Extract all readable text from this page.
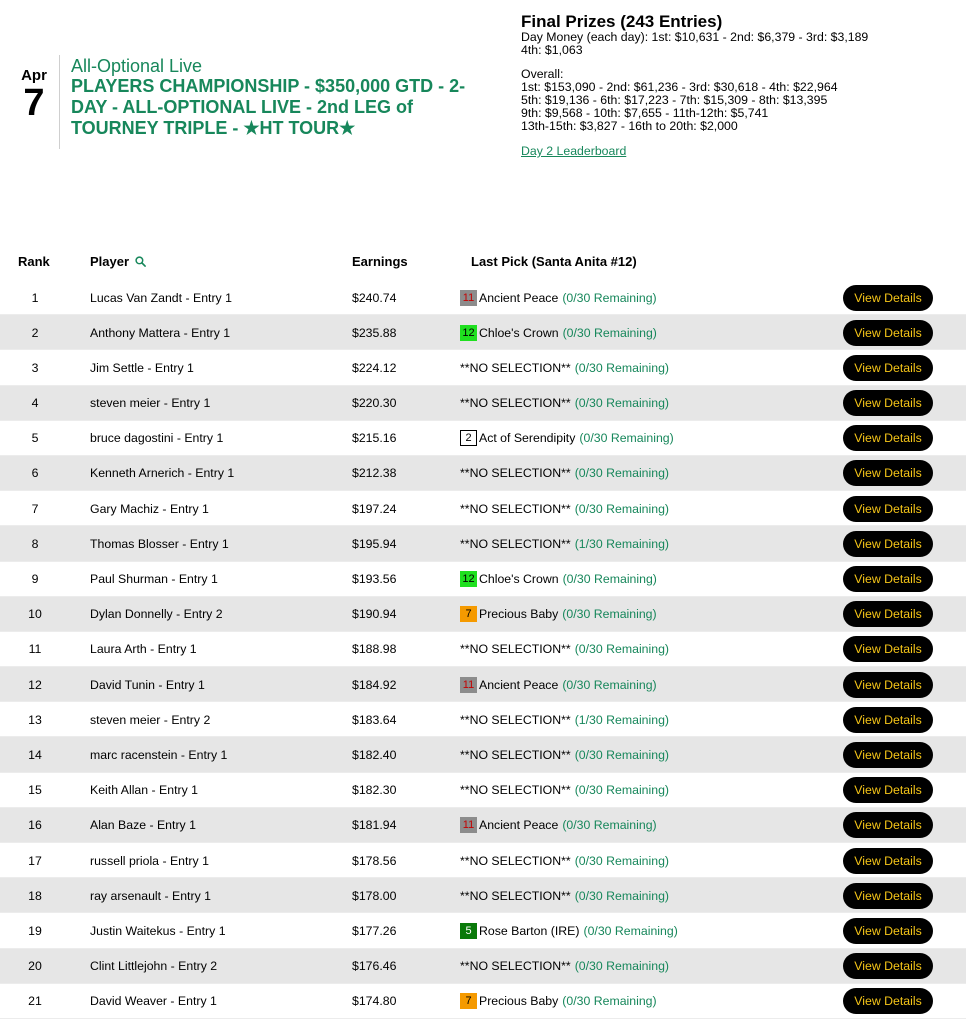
Apr
7
All-Optional Live
PLAYERS CHAMPIONSHIP - $350,000 GTD - 2-DAY - ALL-OPTIONAL LIVE - 2nd LEG of TOURNEY TRIPLE - ★HT TOUR★
Final Prizes (243 Entries)
Day Money (each day): 1st: $10,631 - 2nd: $6,379 - 3rd: $3,189
4th: $1,063
Overall:
1st: $153,090 - 2nd: $61,236 - 3rd: $30,618 - 4th: $22,964
5th: $19,136 - 6th: $17,223 - 7th: $15,309 - 8th: $13,395
9th: $9,568 - 10th: $7,655 - 11th-12th: $5,741
13th-15th: $3,827 - 16th to 20th: $2,000
Day 2 Leaderboard
Rank	Player	Earnings	Last Pick (Santa Anita #12)
1	Lucas Van Zandt - Entry 1	$240.74	11 Ancient Peace (0/30 Remaining)	View Details
2	Anthony Mattera - Entry 1	$235.88	12 Chloe's Crown (0/30 Remaining)	View Details
3	Jim Settle - Entry 1	$224.12	**NO SELECTION** (0/30 Remaining)	View Details
4	steven meier - Entry 1	$220.30	**NO SELECTION** (0/30 Remaining)	View Details
5	bruce dagostini - Entry 1	$215.16	2 Act of Serendipity (0/30 Remaining)	View Details
6	Kenneth Arnerich - Entry 1	$212.38	**NO SELECTION** (0/30 Remaining)	View Details
7	Gary Machiz - Entry 1	$197.24	**NO SELECTION** (0/30 Remaining)	View Details
8	Thomas Blosser - Entry 1	$195.94	**NO SELECTION** (1/30 Remaining)	View Details
9	Paul Shurman - Entry 1	$193.56	12 Chloe's Crown (0/30 Remaining)	View Details
10	Dylan Donnelly - Entry 2	$190.94	7 Precious Baby (0/30 Remaining)	View Details
11	Laura Arth - Entry 1	$188.98	**NO SELECTION** (0/30 Remaining)	View Details
12	David Tunin - Entry 1	$184.92	11 Ancient Peace (0/30 Remaining)	View Details
13	steven meier - Entry 2	$183.64	**NO SELECTION** (1/30 Remaining)	View Details
14	marc racenstein - Entry 1	$182.40	**NO SELECTION** (0/30 Remaining)	View Details
15	Keith Allan - Entry 1	$182.30	**NO SELECTION** (0/30 Remaining)	View Details
16	Alan Baze - Entry 1	$181.94	11 Ancient Peace (0/30 Remaining)	View Details
17	russell priola - Entry 1	$178.56	**NO SELECTION** (0/30 Remaining)	View Details
18	ray arsenault - Entry 1	$178.00	**NO SELECTION** (0/30 Remaining)	View Details
19	Justin Waitekus - Entry 1	$177.26	5 Rose Barton (IRE) (0/30 Remaining)	View Details
20	Clint Littlejohn - Entry 2	$176.46	**NO SELECTION** (0/30 Remaining)	View Details
21	David Weaver - Entry 1	$174.80	7 Precious Baby (0/30 Remaining)	View Details
